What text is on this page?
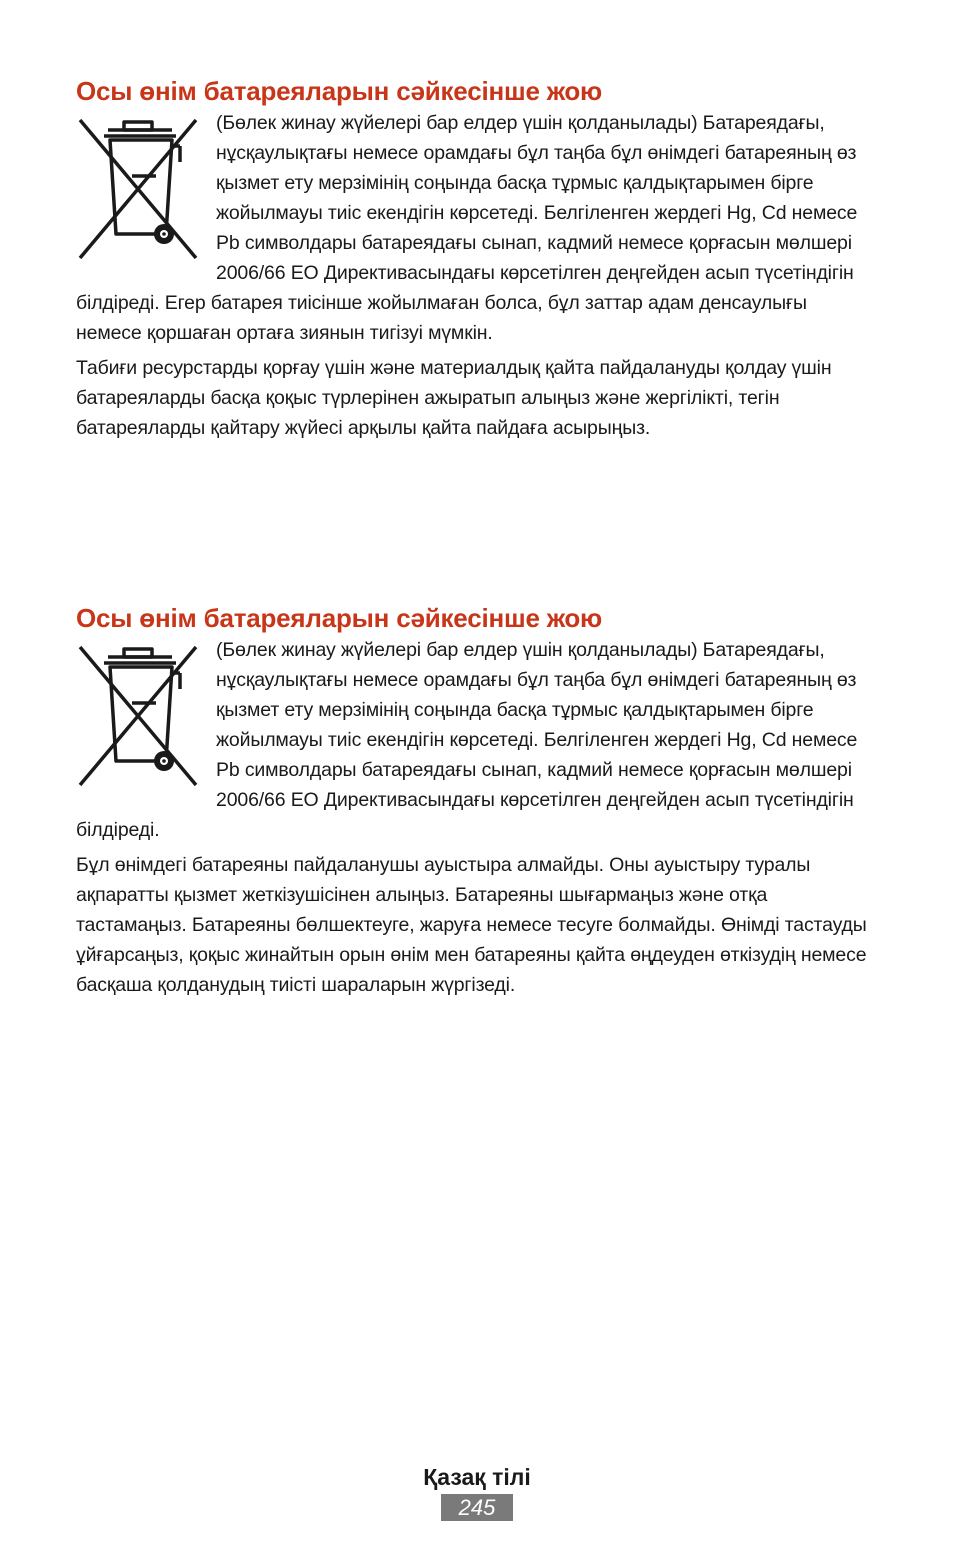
Осы өнім батареяларын сәйкесінше жою

(Бөлек жинау жүйелері бар елдер үшін қолданылады) Батареядағы, нұсқаулықтағы немесе орамдағы бұл таңба бұл өнімдегі батареяның өз қызмет ету мерзімінің соңында басқа тұрмыс қалдықтарымен бірге жойылмауы тиіс екендігін көрсетеді. Белгіленген жердегі Hg, Cd немесе Pb символдары батареядағы сынап, кадмий немесе қорғасын мөлшері 2006/66 ЕО Директивасындағы көрсетілген деңгейден асып түсетіндігін білдіреді. Егер батарея тиісінше жойылмаған болса, бұл заттар адам денсаулығы немесе қоршаған ортаға зиянын тигізуі мүмкін.

Табиғи ресурстарды қорғау үшін және материалдық қайта пайдалануды қолдау үшін батареяларды басқа қоқыс түрлерінен ажыратып алыңыз және жергілікті, тегін батареяларды қайтару жүйесі арқылы қайта пайдаға асырыңыз.

Осы өнім батареяларын сәйкесінше жою

(Бөлек жинау жүйелері бар елдер үшін қолданылады) Батареядағы, нұсқаулықтағы немесе орамдағы бұл таңба бұл өнімдегі батареяның өз қызмет ету мерзімінің соңында басқа тұрмыс қалдықтарымен бірге жойылмауы тиіс екендігін көрсетеді. Белгіленген жердегі Hg, Cd немесе Pb символдары батареядағы сынап, кадмий немесе қорғасын мөлшері 2006/66 ЕО Директивасындағы көрсетілген деңгейден асып түсетіндігін білдіреді.

Бұл өнімдегі батареяны пайдаланушы ауыстыра алмайды. Оны ауыстыру туралы ақпаратты қызмет жеткізушісінен алыңыз. Батареяны шығармаңыз және отқа тастамаңыз. Батареяны бөлшектеуге, жаруға немесе тесуге болмайды. Өнімді тастауды ұйғарсаңыз, қоқыс жинайтын орын өнім мен батареяны қайта өңдеуден өткізудің немесе басқаша қолданудың тиісті шараларын жүргізеді.

Қазақ тілі
245
